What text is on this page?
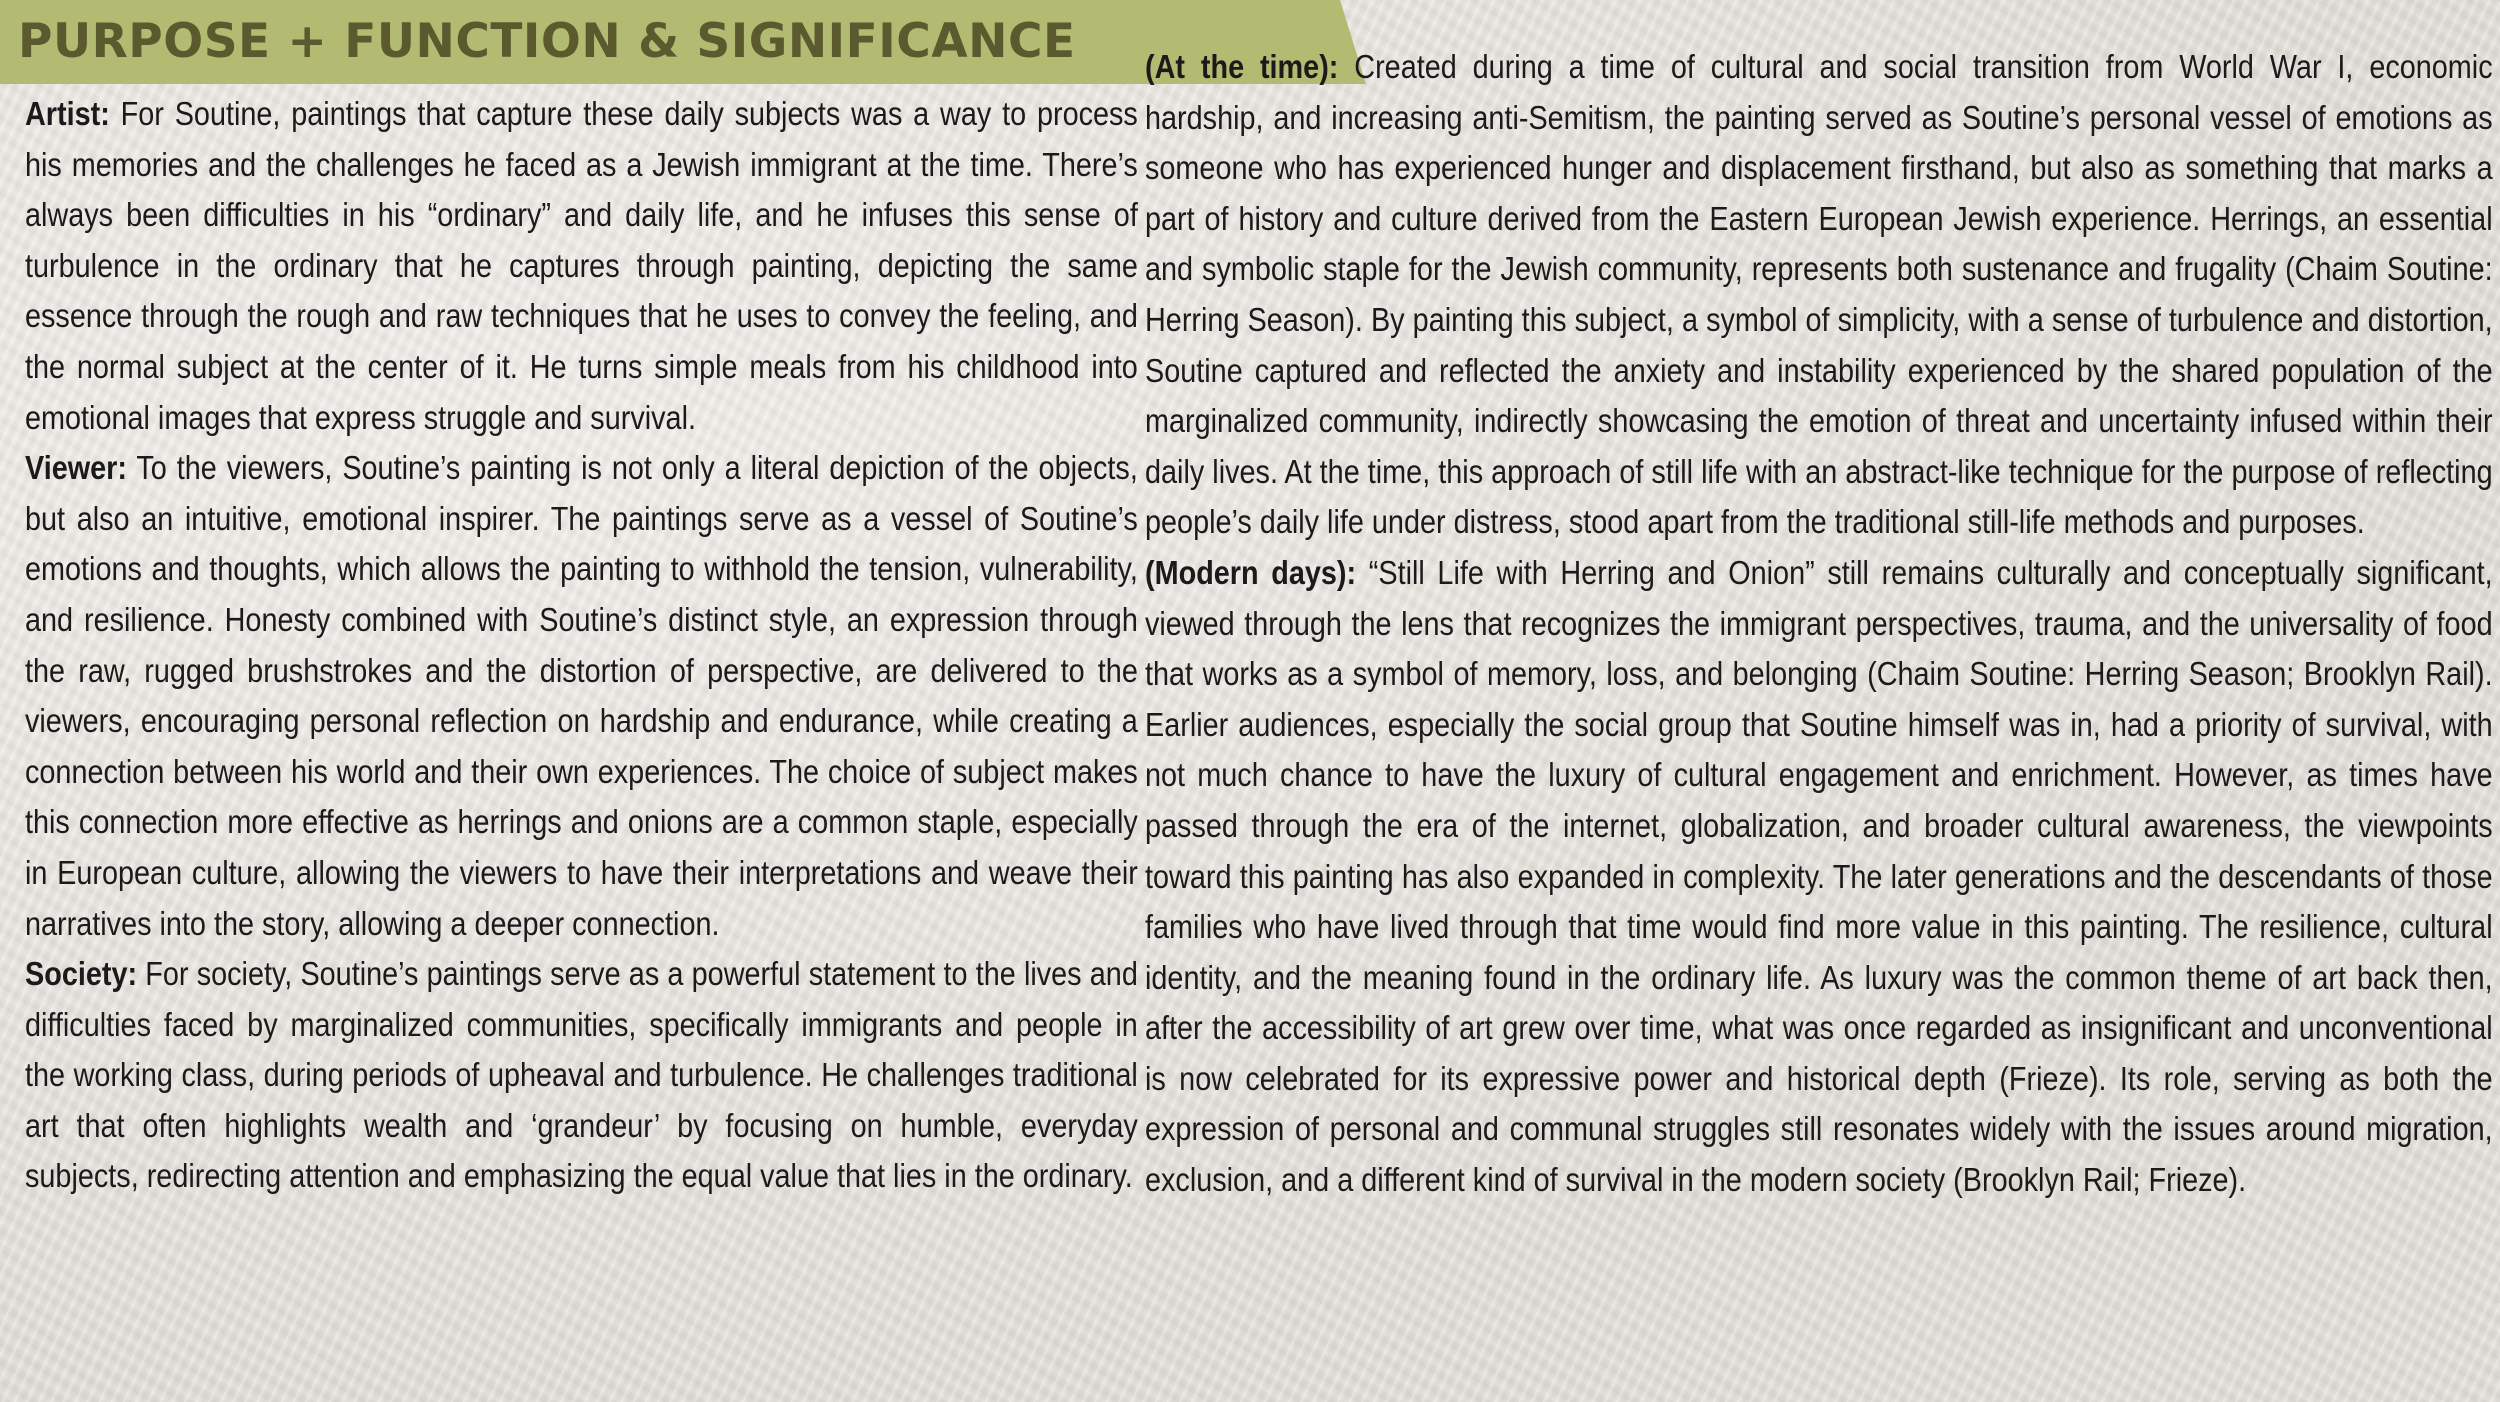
PURPOSE + FUNCTION & SIGNIFICANCE

Artist: For Soutine, paintings that capture these daily subjects was a way to process his memories and the challenges he faced as a Jewish immigrant at the time. There’s always been difficulties in his “ordinary” and daily life, and he infuses this sense of turbulence in the ordinary that he captures through painting, depicting the same essence through the rough and raw techniques that he uses to convey the feeling, and the normal subject at the center of it. He turns simple meals from his childhood into emotional images that express struggle and survival.

Viewer: To the viewers, Soutine’s painting is not only a literal depiction of the objects, but also an intuitive, emotional inspirer. The paintings serve as a vessel of Soutine’s emotions and thoughts, which allows the painting to withhold the tension, vulnerability, and resilience. Honesty combined with Soutine’s distinct style, an expression through the raw, rugged brushstrokes and the distortion of perspective, are delivered to the viewers, encouraging personal reflection on hardship and endurance, while creating a connection between his world and their own experiences. The choice of subject makes this connection more effective as herrings and onions are a common staple, especially in European culture, allowing the viewers to have their interpretations and weave their narratives into the story, allowing a deeper connection.

Society: For society, Soutine’s paintings serve as a powerful statement to the lives and difficulties faced by marginalized communities, specifically immigrants and people in the working class, during periods of upheaval and turbulence. He challenges traditional art that often highlights wealth and ‘grandeur’ by focusing on humble, everyday subjects, redirecting attention and emphasizing the equal value that lies in the ordinary.

(At the time): Created during a time of cultural and social transition from World War I, economic hardship, and increasing anti-Semitism, the painting served as Soutine’s personal vessel of emotions as someone who has experienced hunger and displacement firsthand, but also as something that marks a part of history and culture derived from the Eastern European Jewish experience. Herrings, an essential and symbolic staple for the Jewish community, represents both sustenance and frugality (Chaim Soutine: Herring Season). By painting this subject, a symbol of simplicity, with a sense of turbulence and distortion, Soutine captured and reflected the anxiety and instability experienced by the shared population of the marginalized community, indirectly showcasing the emotion of threat and uncertainty infused within their daily lives. At the time, this approach of still life with an abstract-like technique for the purpose of reflecting people’s daily life under distress, stood apart from the traditional still-life methods and purposes.

(Modern days): “Still Life with Herring and Onion” still remains culturally and conceptually significant, viewed through the lens that recognizes the immigrant perspectives, trauma, and the universality of food that works as a symbol of memory, loss, and belonging (Chaim Soutine: Herring Season; Brooklyn Rail). Earlier audiences, especially the social group that Soutine himself was in, had a priority of survival, with not much chance to have the luxury of cultural engagement and enrichment. However, as times have passed through the era of the internet, globalization, and broader cultural awareness, the viewpoints toward this painting has also expanded in complexity. The later generations and the descendants of those families who have lived through that time would find more value in this painting. The resilience, cultural identity, and the meaning found in the ordinary life. As luxury was the common theme of art back then, after the accessibility of art grew over time, what was once regarded as insignificant and unconventional is now celebrated for its expressive power and historical depth (Frieze). Its role, serving as both the expression of personal and communal struggles still resonates widely with the issues around migration, exclusion, and a different kind of survival in the modern society (Brooklyn Rail; Frieze).
